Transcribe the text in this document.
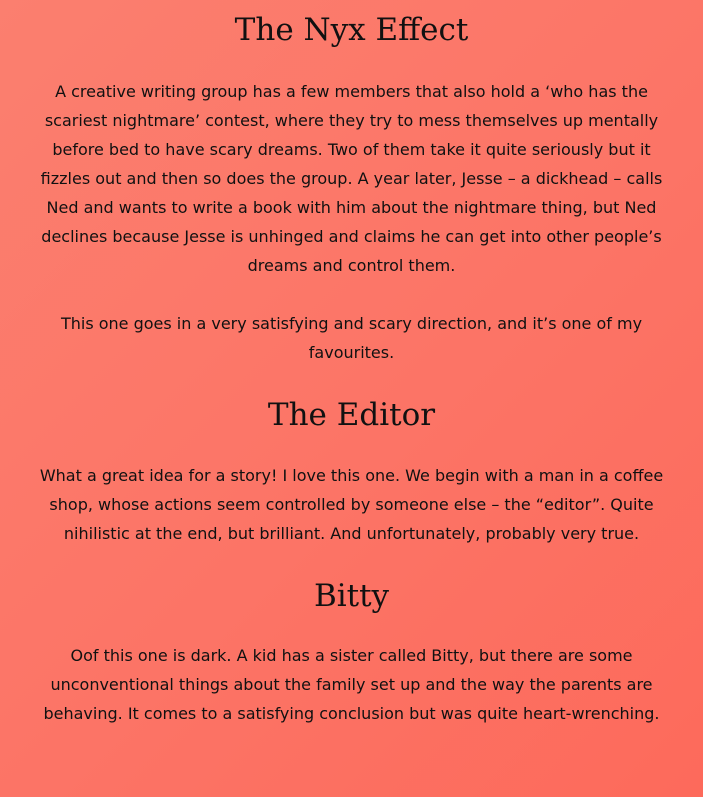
The Nyx Effect

A creative writing group has a few members that also hold a ‘who has the scariest nightmare’ contest, where they try to mess themselves up mentally before bed to have scary dreams. Two of them take it quite seriously but it fizzles out and then so does the group. A year later, Jesse – a dickhead – calls Ned and wants to write a book with him about the nightmare thing, but Ned declines because Jesse is unhinged and claims he can get into other people’s dreams and control them.

This one goes in a very satisfying and scary direction, and it’s one of my favourites.

The Editor

What a great idea for a story! I love this one. We begin with a man in a coffee shop, whose actions seem controlled by someone else – the “editor”. Quite nihilistic at the end, but brilliant. And unfortunately, probably very true.

Bitty

Oof this one is dark. A kid has a sister called Bitty, but there are some unconventional things about the family set up and the way the parents are behaving. It comes to a satisfying conclusion but was quite heart-wrenching.
